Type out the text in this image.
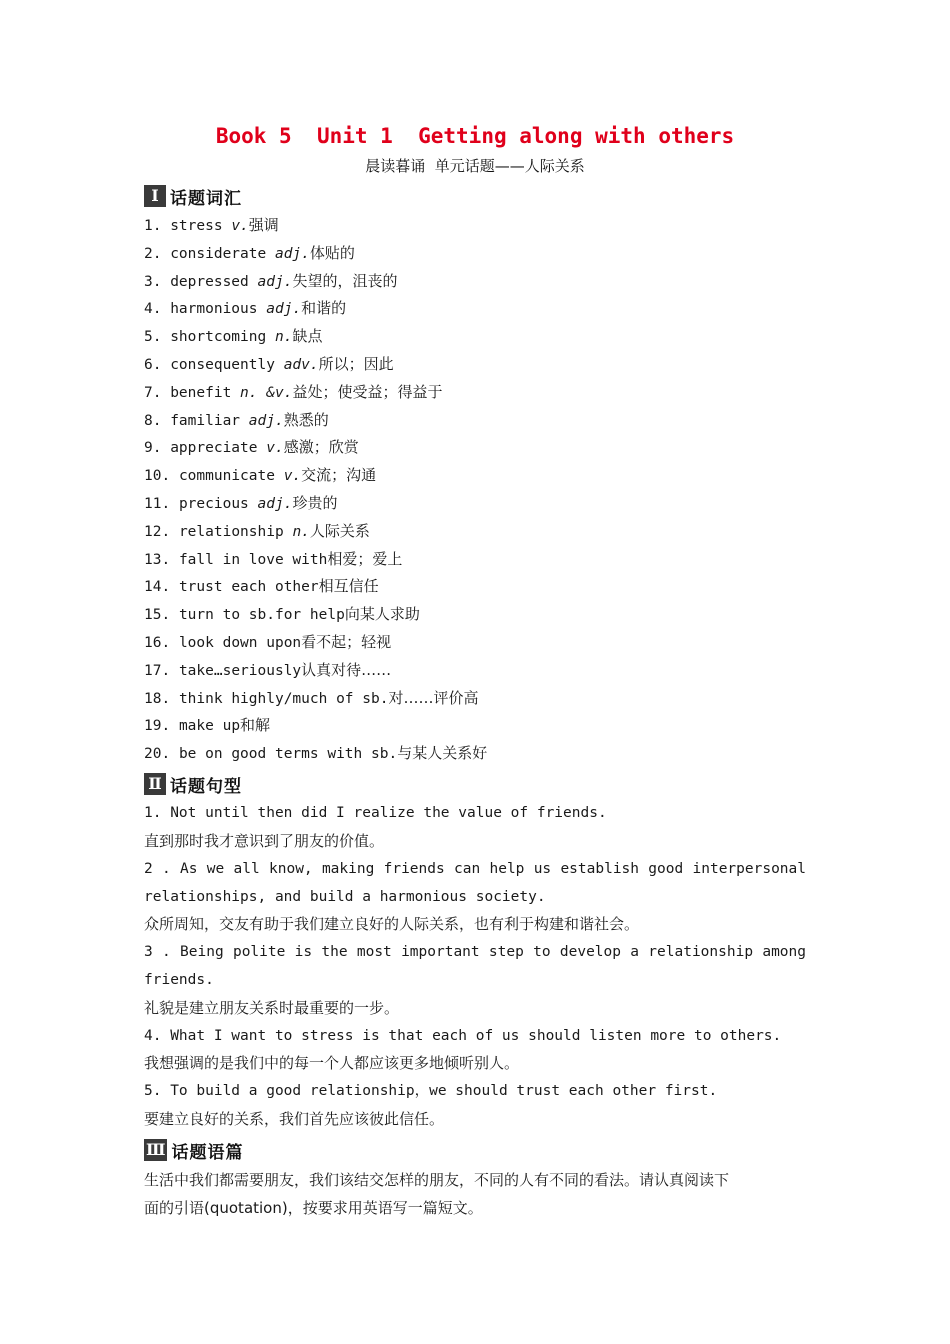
Book 5  Unit 1  Getting along with others
晨读暮诵  单元话题——人际关系
Ⅰ 话题词汇
1. stress v.强调
2. considerate adj.体贴的
3. depressed adj.失望的，沮丧的
4. harmonious adj.和谐的
5. shortcoming n.缺点
6. consequently adv.所以；因此
7. benefit n. &v.益处；使受益；得益于
8. familiar adj.熟悉的
9. appreciate v.感激；欣赏
10. communicate v.交流；沟通
11. precious adj.珍贵的
12. relationship n.人际关系
13. fall in love with相爱；爱上
14. trust each other相互信任
15. turn to sb.for help向某人求助
16. look down upon看不起；轻视
17. take…seriously认真对待……
18. think highly/much of sb.对……评价高
19. make up和解
20. be on good terms with sb.与某人关系好
Ⅱ 话题句型
1. Not until then did I realize the value of friends.
直到那时我才意识到了朋友的价值。
2 . As we all know, making friends can help us establish good interpersonal
relationships, and build a harmonious society.
众所周知，交友有助于我们建立良好的人际关系，也有利于构建和谐社会。
3 . Being polite is the most important step to develop a relationship among
friends.
礼貌是建立朋友关系时最重要的一步。
4. What I want to stress is that each of us should listen more to others.
我想强调的是我们中的每一个人都应该更多地倾听别人。
5. To build a good relationship，we should trust each other first.
要建立良好的关系，我们首先应该彼此信任。
Ⅲ 话题语篇
生活中我们都需要朋友，我们该结交怎样的朋友，不同的人有不同的看法。请认真阅读下
面的引语(quotation)，按要求用英语写一篇短文。
